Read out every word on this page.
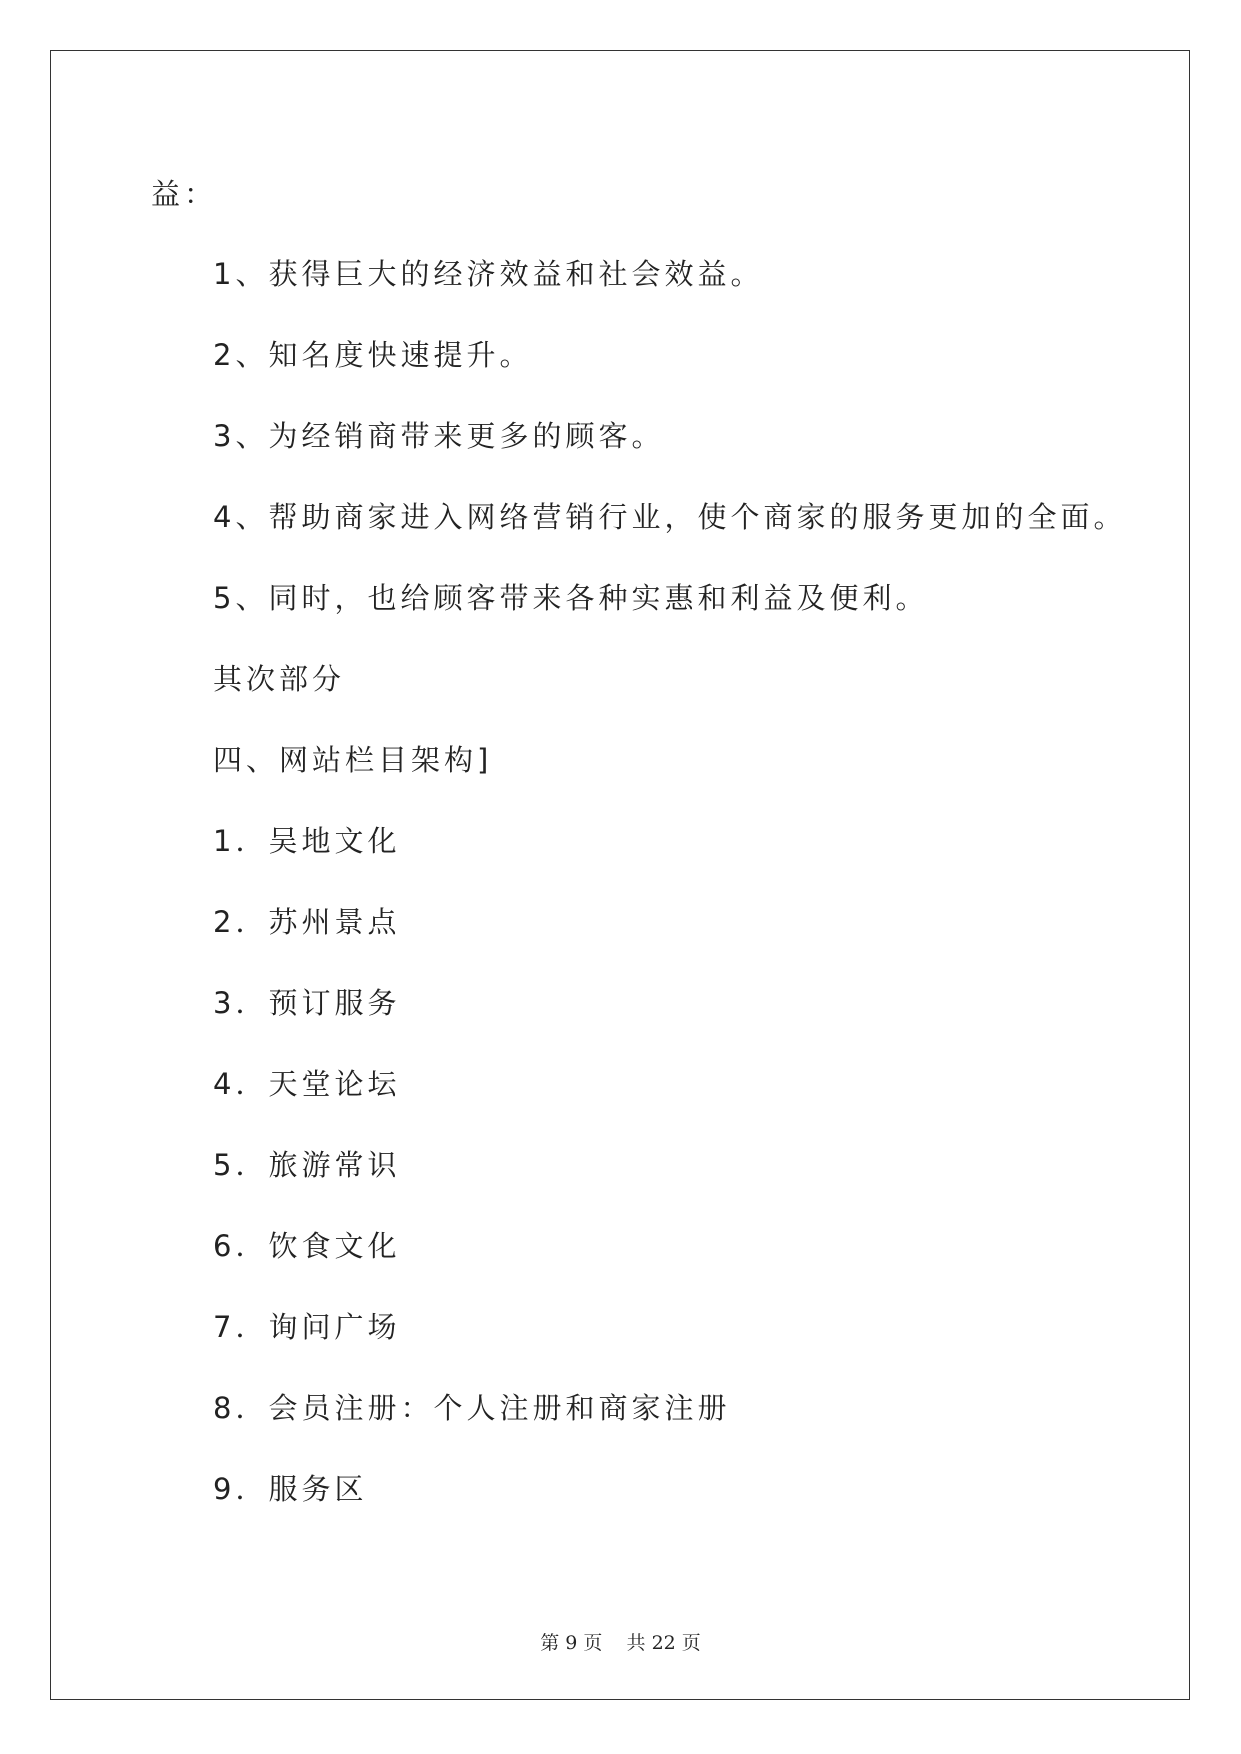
益：
1、获得巨大的经济效益和社会效益。
2、知名度快速提升。
3、为经销商带来更多的顾客。
4、帮助商家进入网络营销行业，使个商家的服务更加的全面。
5、同时，也给顾客带来各种实惠和利益及便利。
其次部分
四、网站栏目架构]
1．吴地文化
2．苏州景点
3．预订服务
4．天堂论坛
5．旅游常识
6．饮食文化
7．询问广场
8．会员注册：个人注册和商家注册
9．服务区
第 9 页    共 22 页
